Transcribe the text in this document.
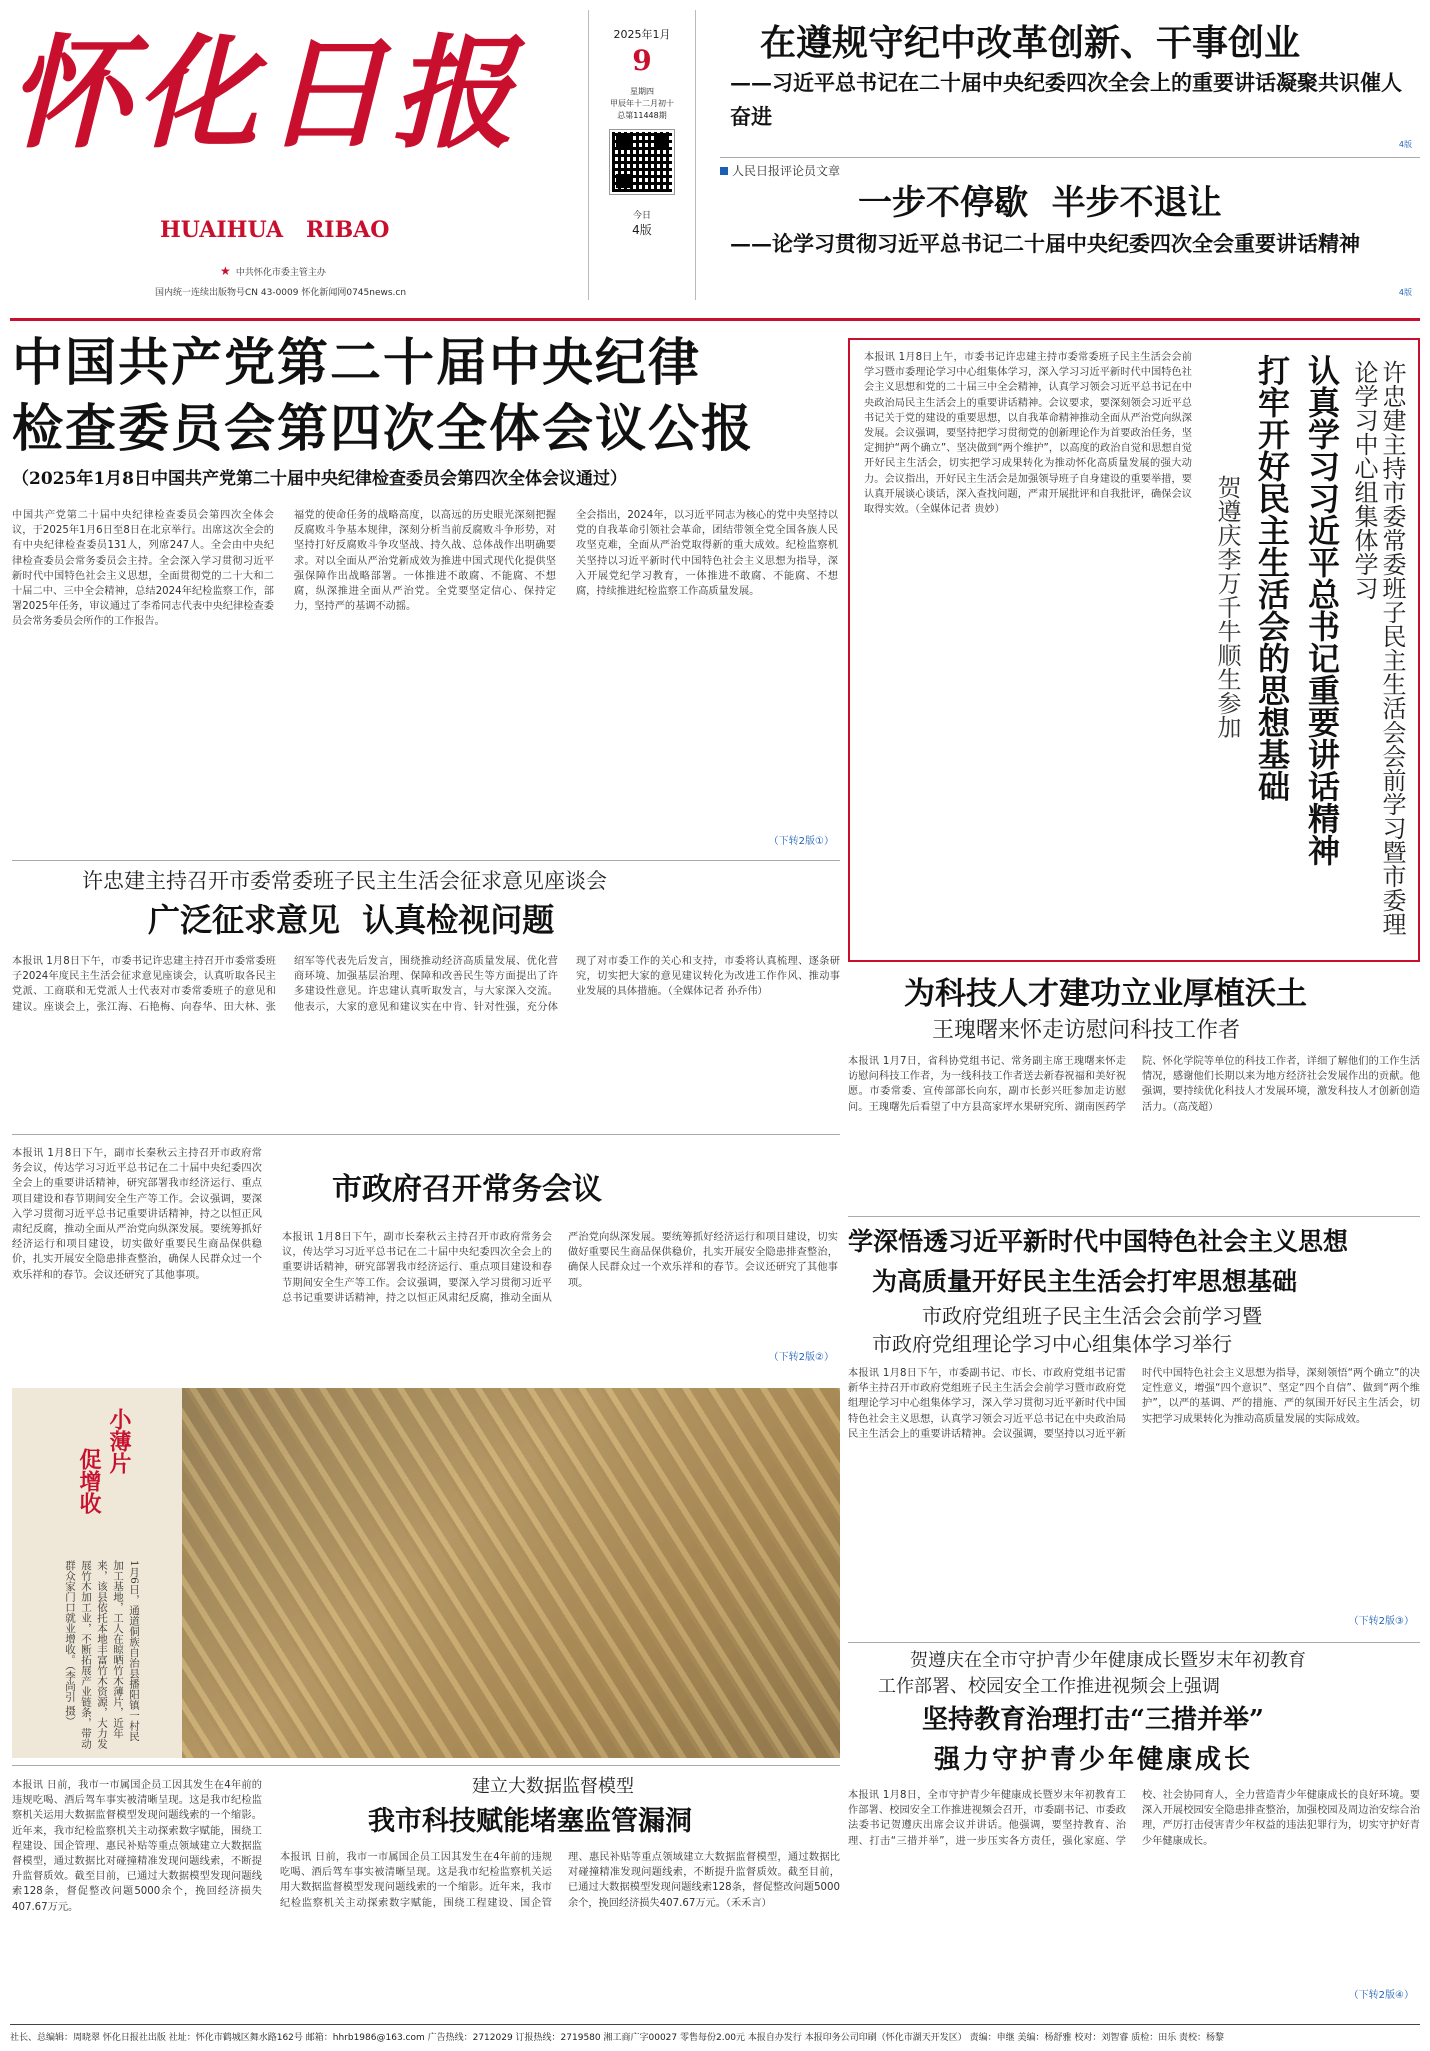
怀化日报
HUAIHUA   RIBAO
★ 中共怀化市委主管主办
国内统一连续出版物号CN 43-0009 怀化新闻网0745news.cn
2025年1月
9
星期四
甲辰年十二月初十
总第11448期
今日
4版
在遵规守纪中改革创新、干事创业
——习近平总书记在二十届中央纪委四次全会上的重要讲话凝聚共识催人奋进
4版
人民日报评论员文章
一步不停歇  半步不退让
——论学习贯彻习近平总书记二十届中央纪委四次全会重要讲话精神
4版
中国共产党第二十届中央纪律
检查委员会第四次全体会议公报
（2025年1月8日中国共产党第二十届中央纪律检查委员会第四次全体会议通过）
中国共产党第二十届中央纪律检查委员会第四次全体会议，于2025年1月6日至8日在北京举行。出席这次全会的有中央纪律检查委员131人，列席247人。全会由中央纪律检查委员会常务委员会主持。全会深入学习贯彻习近平新时代中国特色社会主义思想，全面贯彻党的二十大和二十届二中、三中全会精神，总结2024年纪检监察工作，部署2025年任务，审议通过了李希同志代表中央纪律检查委员会常务委员会所作的工作报告。
福党的使命任务的战略高度，以高远的历史眼光深刻把握反腐败斗争基本规律，深刻分析当前反腐败斗争形势，对坚持打好反腐败斗争攻坚战、持久战、总体战作出明确要求。对以全面从严治党新成效为推进中国式现代化提供坚强保障作出战略部署。一体推进不敢腐、不能腐、不想腐，纵深推进全面从严治党。全党要坚定信心、保持定力，坚持严的基调不动摇。
全会指出，2024年，以习近平同志为核心的党中央坚持以党的自我革命引领社会革命，团结带领全党全国各族人民攻坚克难，全面从严治党取得新的重大成效。纪检监察机关坚持以习近平新时代中国特色社会主义思想为指导，深入开展党纪学习教育，一体推进不敢腐、不能腐、不想腐，持续推进纪检监察工作高质量发展。
（下转2版①）
本报讯 1月8日上午，市委书记许忠建主持市委常委班子民主生活会会前学习暨市委理论学习中心组集体学习，深入学习习近平新时代中国特色社会主义思想和党的二十届三中全会精神，认真学习领会习近平总书记在中央政治局民主生活会上的重要讲话精神。会议要求，要深刻领会习近平总书记关于党的建设的重要思想，以自我革命精神推动全面从严治党向纵深发展。会议强调，要坚持把学习贯彻党的创新理论作为首要政治任务，坚定拥护“两个确立”、坚决做到“两个维护”，以高度的政治自觉和思想自觉开好民主生活会，切实把学习成果转化为推动怀化高质量发展的强大动力。会议指出，开好民主生活会是加强领导班子自身建设的重要举措，要认真开展谈心谈话，深入查找问题，严肃开展批评和自我批评，确保会议取得实效。（全媒体记者 贵妙）	许忠建主持市委常委班子民主生活会会前学习暨市委理论学习中心组集体学习
认真学习习近平总书记重要讲话精神
打牢开好民主生活会的思想基础
贺遵庆李万千牛顺生参加
许忠建主持召开市委常委班子民主生活会征求意见座谈会
广泛征求意见  认真检视问题
本报讯 1月8日下午，市委书记许忠建主持召开市委常委班子2024年度民主生活会征求意见座谈会，认真听取各民主党派、工商联和无党派人士代表对市委常委班子的意见和建议。座谈会上，张江海、石艳梅、向春华、田大林、张绍军等代表先后发言，围绕推动经济高质量发展、优化营商环境、加强基层治理、保障和改善民生等方面提出了许多建设性意见。许忠建认真听取发言，与大家深入交流。他表示，大家的意见和建议实在中肯、针对性强，充分体现了对市委工作的关心和支持，市委将认真梳理、逐条研究，切实把大家的意见建议转化为改进工作作风、推动事业发展的具体措施。（全媒体记者 孙乔伟）
本报讯 1月8日下午，副市长秦秋云主持召开市政府常务会议，传达学习习近平总书记在二十届中央纪委四次全会上的重要讲话精神，研究部署我市经济运行、重点项目建设和春节期间安全生产等工作。会议强调，要深入学习贯彻习近平总书记重要讲话精神，持之以恒正风肃纪反腐，推动全面从严治党向纵深发展。要统筹抓好经济运行和项目建设，切实做好重要民生商品保供稳价，扎实开展安全隐患排查整治，确保人民群众过一个欢乐祥和的春节。会议还研究了其他事项。
市政府召开常务会议
本报讯 1月8日下午，副市长秦秋云主持召开市政府常务会议，传达学习习近平总书记在二十届中央纪委四次全会上的重要讲话精神，研究部署我市经济运行、重点项目建设和春节期间安全生产等工作。会议强调，要深入学习贯彻习近平总书记重要讲话精神，持之以恒正风肃纪反腐，推动全面从严治党向纵深发展。要统筹抓好经济运行和项目建设，切实做好重要民生商品保供稳价，扎实开展安全隐患排查整治，确保人民群众过一个欢乐祥和的春节。会议还研究了其他事项。
（下转2版②）
小薄片
促增收
1月6日，通道侗族自治县播阳镇一村民加工基地，工人在晾晒竹木薄片，近年来，该县依托本地丰富竹木资源，大力发展竹木加工业，不断拓展产业链条，带动群众家门口就业增收。（李尚引 摄）
本报讯 日前，我市一市属国企员工因其发生在4年前的违规吃喝、酒后驾车事实被清晰呈现。这是我市纪检监察机关运用大数据监督模型发现问题线索的一个缩影。近年来，我市纪检监察机关主动探索数字赋能，围绕工程建设、国企管理、惠民补贴等重点领域建立大数据监督模型，通过数据比对碰撞精准发现问题线索，不断提升监督质效。截至目前，已通过大数据模型发现问题线索128条，督促整改问题5000余个，挽回经济损失407.67万元。
建立大数据监督模型
我市科技赋能堵塞监管漏洞
本报讯 日前，我市一市属国企员工因其发生在4年前的违规吃喝、酒后驾车事实被清晰呈现。这是我市纪检监察机关运用大数据监督模型发现问题线索的一个缩影。近年来，我市纪检监察机关主动探索数字赋能，围绕工程建设、国企管理、惠民补贴等重点领域建立大数据监督模型，通过数据比对碰撞精准发现问题线索，不断提升监督质效。截至目前，已通过大数据模型发现问题线索128条，督促整改问题5000余个，挽回经济损失407.67万元。（禾禾言）
为科技人才建功立业厚植沃土
王瑰曙来怀走访慰问科技工作者
本报讯 1月7日，省科协党组书记、常务副主席王瑰曙来怀走访慰问科技工作者，为一线科技工作者送去新春祝福和美好祝愿。市委常委、宣传部部长向东，副市长彭兴旺参加走访慰问。王瑰曙先后看望了中方县高家坪水果研究所、湖南医药学院、怀化学院等单位的科技工作者，详细了解他们的工作生活情况，感谢他们长期以来为地方经济社会发展作出的贡献。他强调，要持续优化科技人才发展环境，激发科技人才创新创造活力。（高茂超）
学深悟透习近平新时代中国特色社会主义思想
为高质量开好民主生活会打牢思想基础
市政府党组班子民主生活会会前学习暨
市政府党组理论学习中心组集体学习举行
本报讯 1月8日下午，市委副书记、市长、市政府党组书记雷新华主持召开市政府党组班子民主生活会会前学习暨市政府党组理论学习中心组集体学习，深入学习贯彻习近平新时代中国特色社会主义思想，认真学习领会习近平总书记在中央政治局民主生活会上的重要讲话精神。会议强调，要坚持以习近平新时代中国特色社会主义思想为指导，深刻领悟“两个确立”的决定性意义，增强“四个意识”、坚定“四个自信”、做到“两个维护”，以严的基调、严的措施、严的氛围开好民主生活会，切实把学习成果转化为推动高质量发展的实际成效。
（下转2版③）
贺遵庆在全市守护青少年健康成长暨岁末年初教育
工作部署、校园安全工作推进视频会上强调
坚持教育治理打击“三措并举”
强力守护青少年健康成长
本报讯 1月8日，全市守护青少年健康成长暨岁末年初教育工作部署、校园安全工作推进视频会召开，市委副书记、市委政法委书记贺遵庆出席会议并讲话。他强调，要坚持教育、治理、打击“三措并举”，进一步压实各方责任，强化家庭、学校、社会协同育人，全力营造青少年健康成长的良好环境。要深入开展校园安全隐患排查整治，加强校园及周边治安综合治理，严厉打击侵害青少年权益的违法犯罪行为，切实守护好青少年健康成长。
（下转2版④）
社长、总编辑：周晓翠 怀化日报社出版 社址：怀化市鹤城区舞水路162号 邮箱：hhrb1986@163.com 广告热线：2712029 订报热线：2719580 湘工商广字00027 零售每份2.00元 本报自办发行 本报印务公司印刷（怀化市湖天开发区） 责编：申继 美编：杨舒雅 校对：刘智睿 质检：田乐 责校：杨黎
